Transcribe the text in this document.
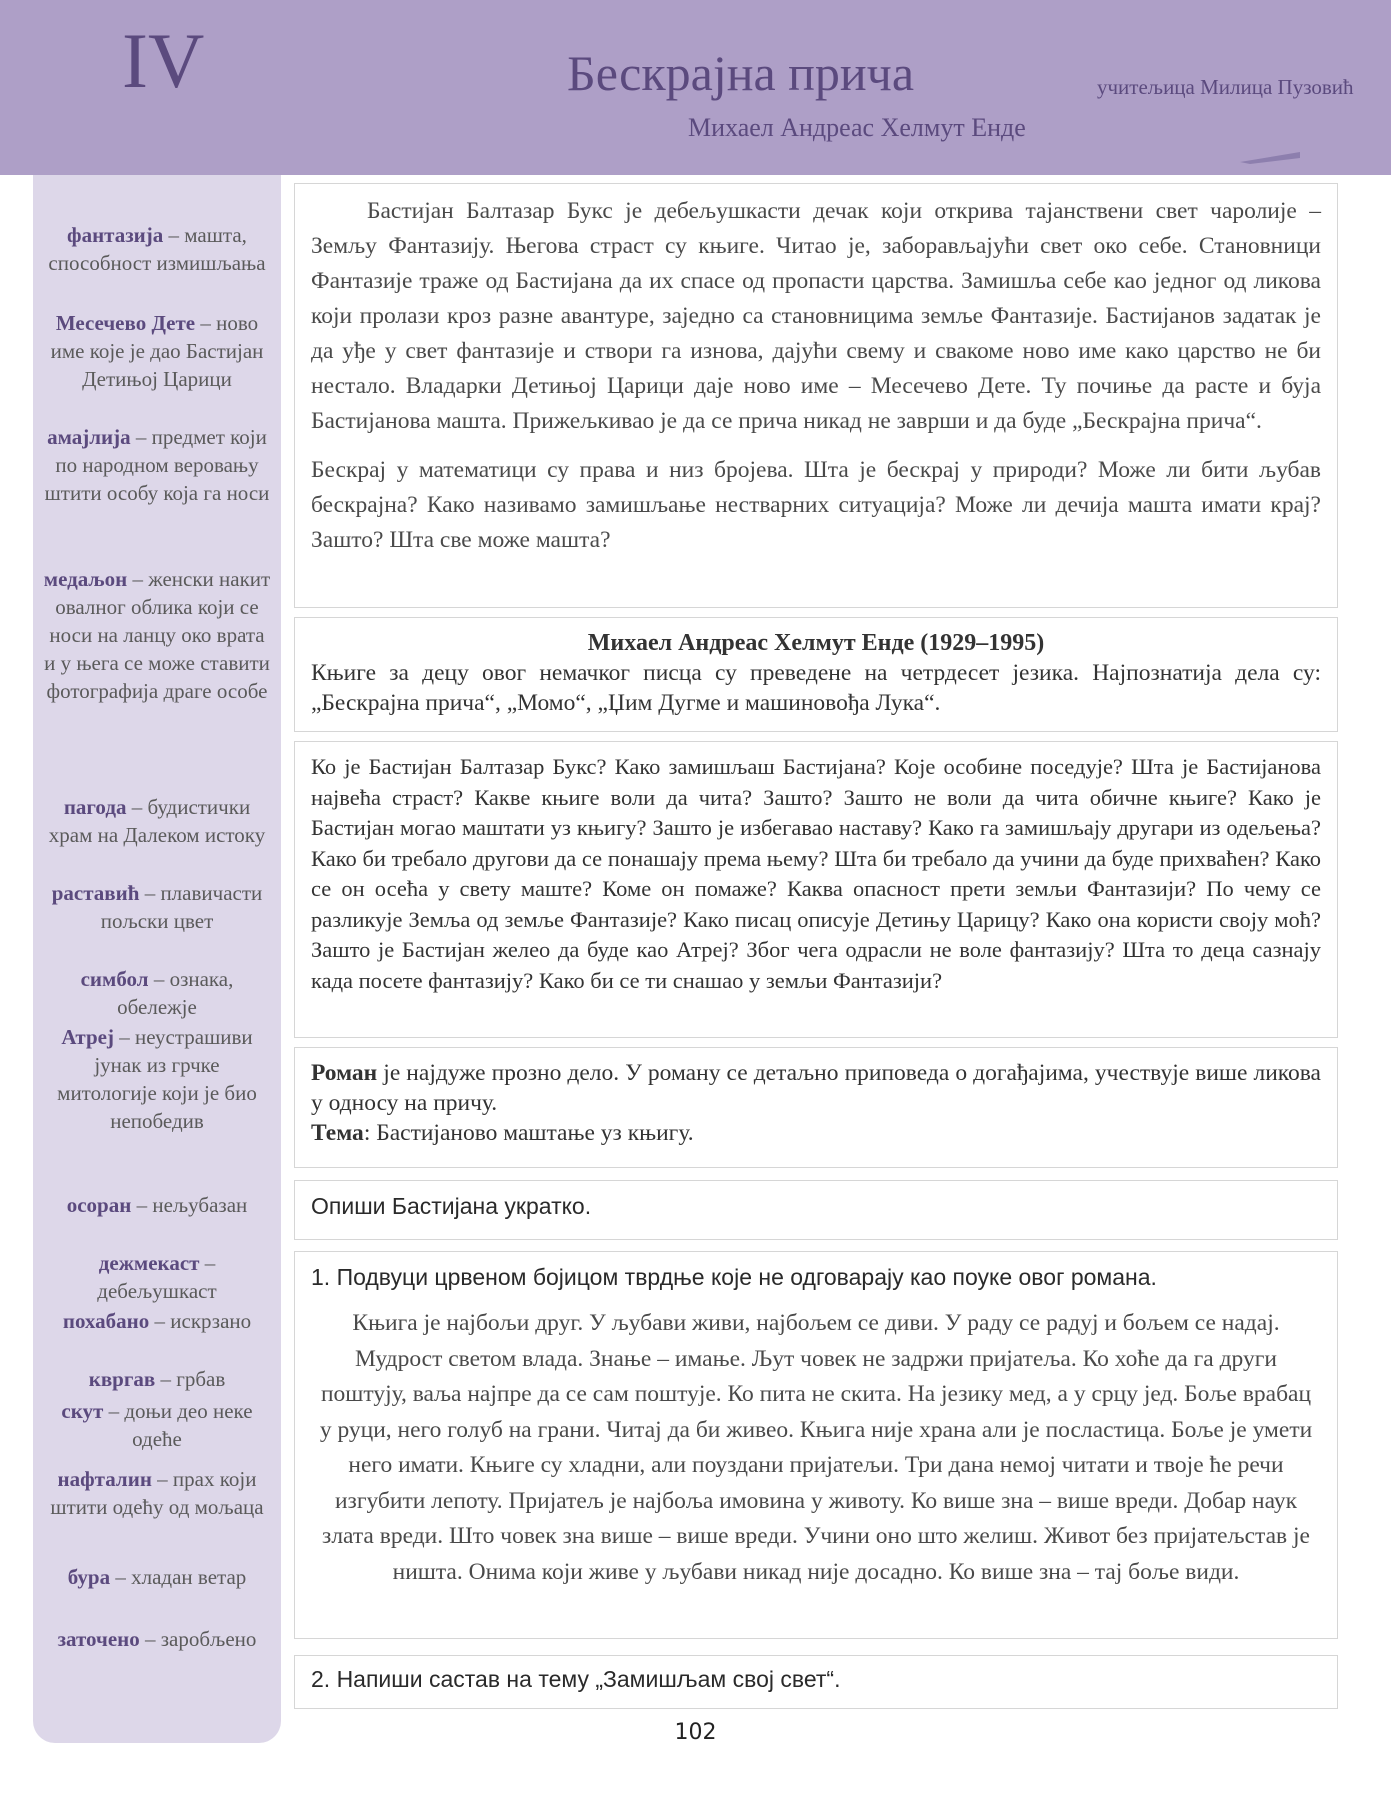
IV	Бескрајна прича	учитељица Милица Пузовић
Михаел Андреас Хелмут Енде
фантазија – машта, способност измишљања
Месечево Дете – ново име које је дао Бастијан Детињој Царици
амајлија – предмет који по народном веровању штити особу која га носи
медаљон – женски накит овалног облика који се носи на ланцу око врата и у њега се може ставити фотографија драге особе
пагода – будистички храм на Далеком истоку
раставић – плавичасти пољски цвет
симбол – ознака, обележје
Атреј – неустрашиви јунак из грчке митологије који је био непобедив
осоран – нељубазан
дежмекаст – дебељушкаст
похабано – искрзано
квргав – грбав
скут – доњи део неке одеће
нафталин – прах који штити одећу од мољаца
бура – хладан ветар
заточено – заробљено

Бастијан Балтазар Букс је дебељушкасти дечак који открива тајанствени свет чаролије – Земљу Фантазију. Његова страст су књиге. Читао је, заборављајући свет око себе. Становници Фантазије траже од Бастијана да их спасе од пропасти царства. Замишља себе као једног од ликова који пролази кроз разне авантуре, заједно са становницима земље Фантазије. Бастијанов задатак је да уђе у свет фантазије и створи га изнова, дајући свему и свакоме ново име како царство не би нестало. Владарки Детињој Царици даје ново име – Месечево Дете. Ту почиње да расте и буја Бастијанова машта. Прижељкивао је да се прича никад не заврши и да буде „Бескрајна прича“.

Бескрај у математици су права и низ бројева. Шта је бескрај у природи? Може ли бити љубав бескрајна? Како називамо замишљање нестварних ситуација? Може ли дечија машта имати крај? Зашто? Шта све може машта?

Михаел Андреас Хелмут Енде (1929–1995)

Књиге за децу овог немачког писца су преведене на четрдесет језика. Најпознатија дела су: „Бескрајна прича“, „Момо“, „Џим Дугме и машиновођа Лука“.

Ко је Бастијан Балтазар Букс? Како замишљаш Бастијана? Које особине поседује? Шта је Бастијанова највећа страст? Какве књиге воли да чита? Зашто? Зашто не воли да чита обичне књиге? Како је Бастијан могао маштати уз књигу? Зашто је избегавао наставу? Како га замишљају другари из одељења? Како би требало другови да се понашају према њему? Шта би требало да учини да буде прихваћен? Како се он осећа у свету маште? Коме он помаже? Каква опасност прети земљи Фантазији? По чему се разликује Земља од земље Фантазије? Како писац описује Детињу Царицу? Како она користи своју моћ? Зашто је Бастијан желео да буде као Атреј? Због чега одрасли не воле фантазију? Шта то деца сазнају када посете фантазију? Како би се ти снашао у земљи Фантазији?

Роман је најдуже прозно дело. У роману се детаљно приповеда о догађајима, учествује више ликова у односу на причу.

Тема: Бастијаново маштање уз књигу.

Опиши Бастијана укратко.
1. Подвуци црвеном бојицом тврдње које не одговарају као поуке овог романа.

Књига је најбољи друг. У љубави живи, најбољем се диви. У раду се радуј и бољем се надај. Мудрост светом влада. Знање – имање. Љут човек не задржи пријатеља. Ко хоће да га други поштују, ваља најпре да се сам поштује. Ко пита не скита. На језику мед, а у срцу јед. Боље врабац у руци, него голуб на грани. Читај да би живео. Књига није храна али је посластица. Боље је умети него имати. Књиге су хладни, али поуздани пријатељи. Три дана немој читати и твоје ће речи изгубити лепоту. Пријатељ је најбоља имовина у животу. Ко више зна – више вреди. Добар наук злата вреди. Што човек зна више – више вреди. Учини оно што желиш. Живот без пријатељстав је ништа. Онима који живе у љубави никад није досадно. Ко више зна – тај боље види.

2. Напиши састав на тему „Замишљам свој свет“.
102
